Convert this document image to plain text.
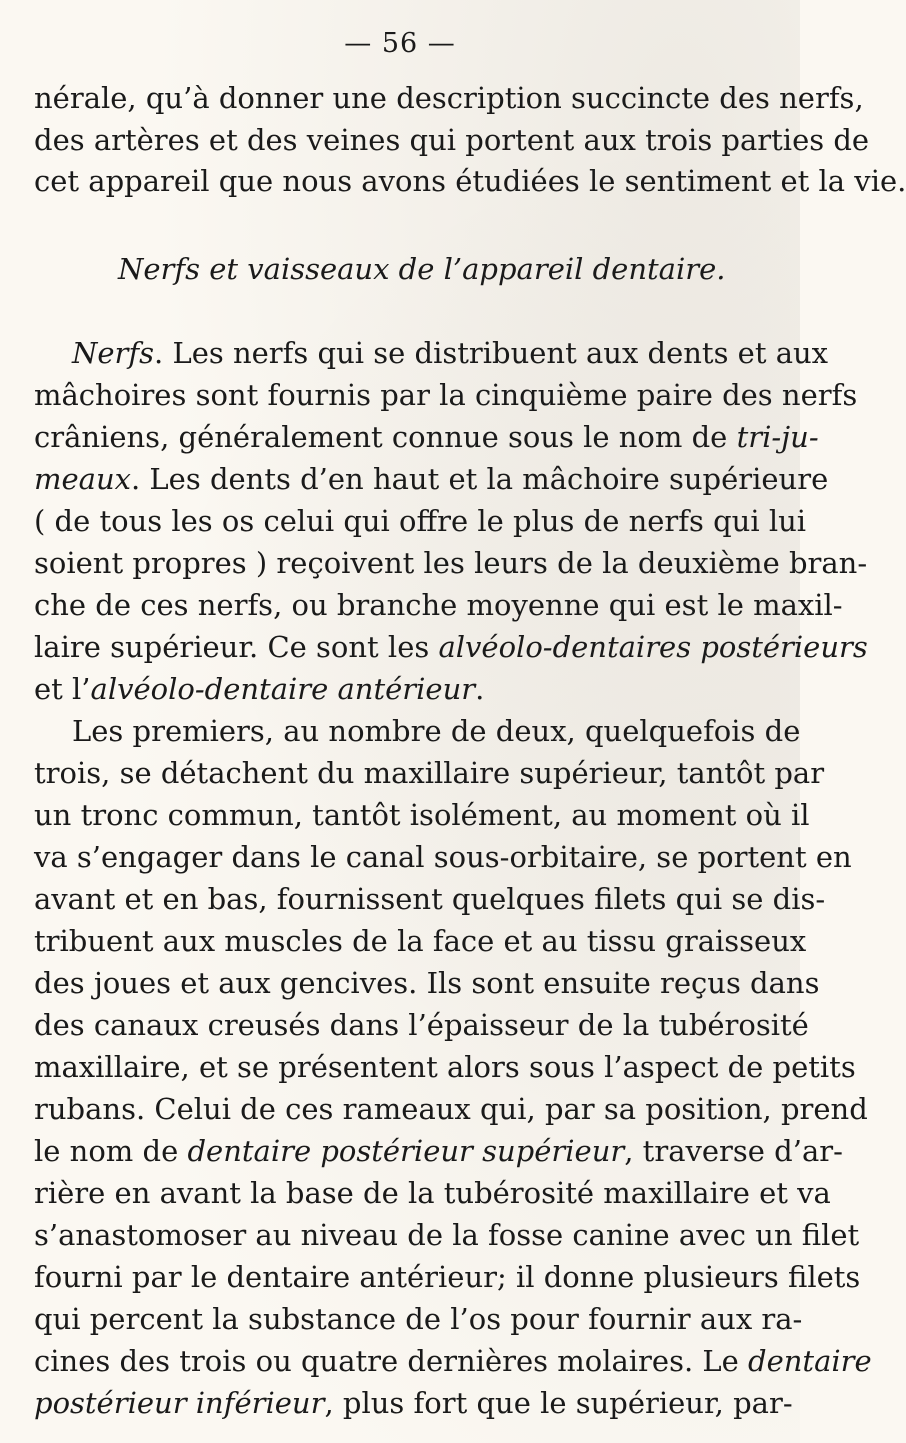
— 56 —
nérale, qu’à donner une description succincte des nerfs,
des artères et des veines qui portent aux trois parties de
cet appareil que nous avons étudiées le sentiment et la vie.
Nerfs et vaisseaux de l’appareil dentaire.
Nerfs. Les nerfs qui se distribuent aux dents et aux
mâchoires sont fournis par la cinquième paire des nerfs
crâniens, généralement connue sous le nom de tri-ju-
meaux. Les dents d’en haut et la mâchoire supérieure
( de tous les os celui qui offre le plus de nerfs qui lui
soient propres ) reçoivent les leurs de la deuxième bran-
che de ces nerfs, ou branche moyenne qui est le maxil-
laire supérieur. Ce sont les alvéolo-dentaires postérieurs
et l’alvéolo-dentaire antérieur.
Les premiers, au nombre de deux, quelquefois de
trois, se détachent du maxillaire supérieur, tantôt par
un tronc commun, tantôt isolément, au moment où il
va s’engager dans le canal sous-orbitaire, se portent en
avant et en bas, fournissent quelques filets qui se dis-
tribuent aux muscles de la face et au tissu graisseux
des joues et aux gencives. Ils sont ensuite reçus dans
des canaux creusés dans l’épaisseur de la tubérosité
maxillaire, et se présentent alors sous l’aspect de petits
rubans. Celui de ces rameaux qui, par sa position, prend
le nom de dentaire postérieur supérieur, traverse d’ar-
rière en avant la base de la tubérosité maxillaire et va
s’anastomoser au niveau de la fosse canine avec un filet
fourni par le dentaire antérieur; il donne plusieurs filets
qui percent la substance de l’os pour fournir aux ra-
cines des trois ou quatre dernières molaires. Le dentaire
postérieur inférieur, plus fort que le supérieur, par-
